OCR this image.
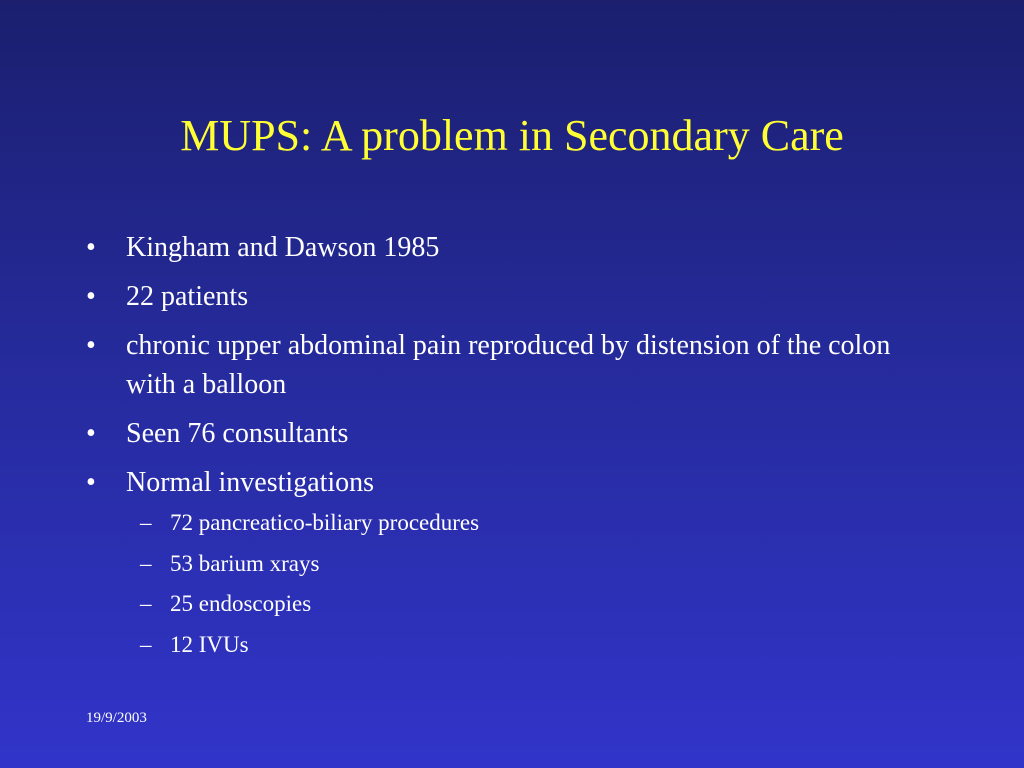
MUPS: A problem in Secondary Care
•	Kingham and Dawson 1985
•	22 patients
•	chronic upper abdominal pain reproduced by distension of the colon with a balloon
•	Seen 76 consultants
•	Normal investigations
– 72 pancreatico-biliary procedures
– 53 barium xrays
– 25 endoscopies
– 12 IVUs
19/9/2003
